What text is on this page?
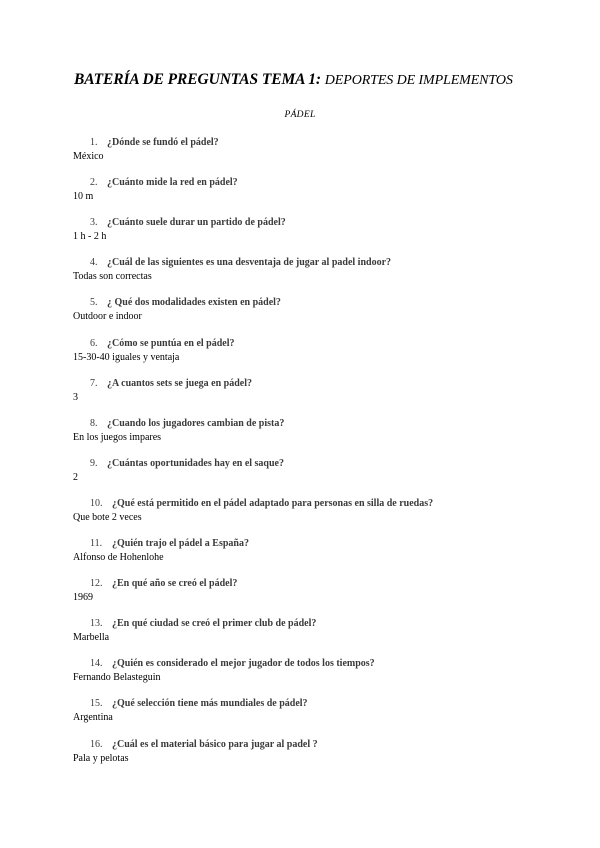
BATERÍA DE PREGUNTAS TEMA 1: DEPORTES DE IMPLEMENTOS
PÁDEL
1. ¿Dónde se fundó el pádel?
México
2. ¿Cuánto mide la red en pádel?
10 m
3. ¿Cuánto suele durar un partido de pádel?
1 h - 2 h
4. ¿Cuál de las siguientes es una desventaja de jugar al padel indoor?
Todas son correctas
5. ¿ Qué dos modalidades existen en pádel?
Outdoor e indoor
6. ¿Cómo se puntúa en el pádel?
15-30-40 iguales y ventaja
7. ¿A cuantos sets se juega en pádel?
3
8. ¿Cuando los jugadores cambian de pista?
En los juegos impares
9. ¿Cuántas oportunidades hay en el saque?
2
10. ¿Qué está permitido en el pádel adaptado para personas en silla de ruedas?
Que bote 2 veces
11. ¿Quién trajo el pádel a España?
Alfonso de Hohenlohe
12. ¿En qué año se creó el pádel?
1969
13. ¿En qué ciudad se creó el primer club de pádel?
Marbella
14. ¿Quién es considerado el mejor jugador de todos los tiempos?
Fernando Belasteguin
15. ¿Qué selección tiene más mundiales de pádel?
Argentina
16. ¿Cuál es el material básico para jugar al padel ?
Pala y pelotas
